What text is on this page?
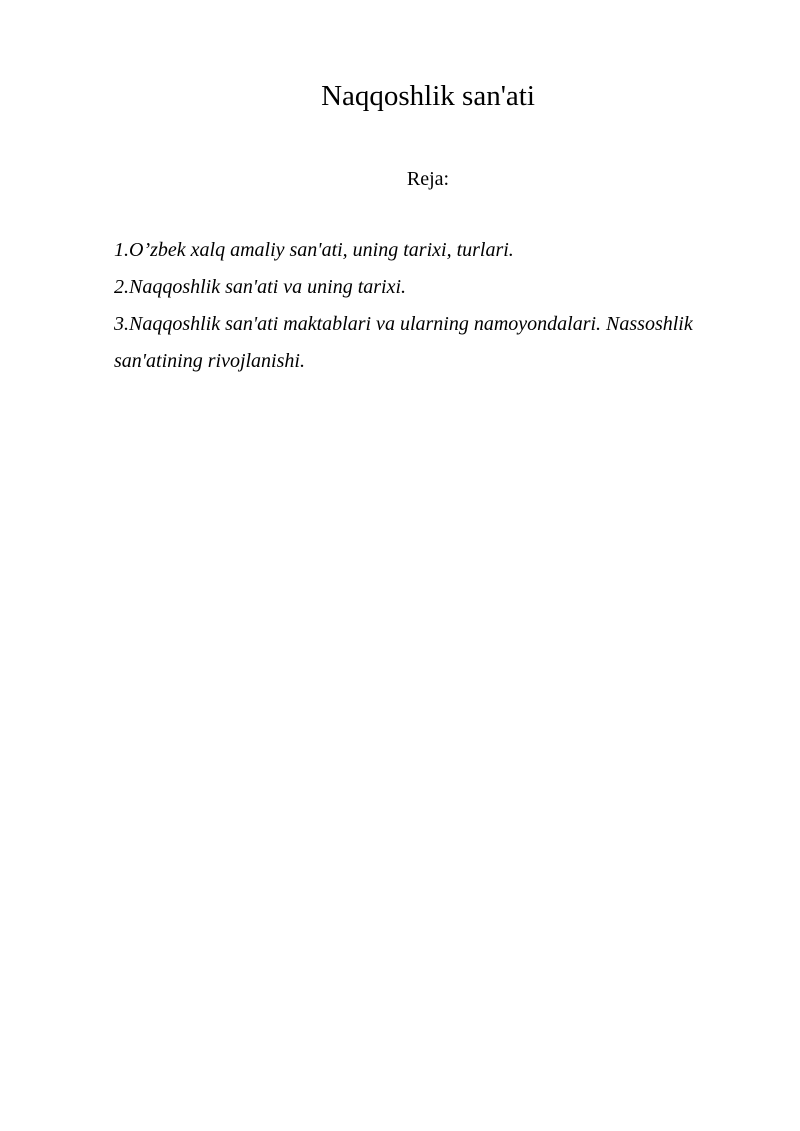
Naqqoshlik san'ati
Reja:
1.O’zbek xalq amaliy san'ati, uning tarixi, turlari.
2.Naqqoshlik san'ati va uning tarixi.
3.Naqqoshlik san'ati maktablari va ularning namoyondalari. Nassoshlik san'atining rivojlanishi.
